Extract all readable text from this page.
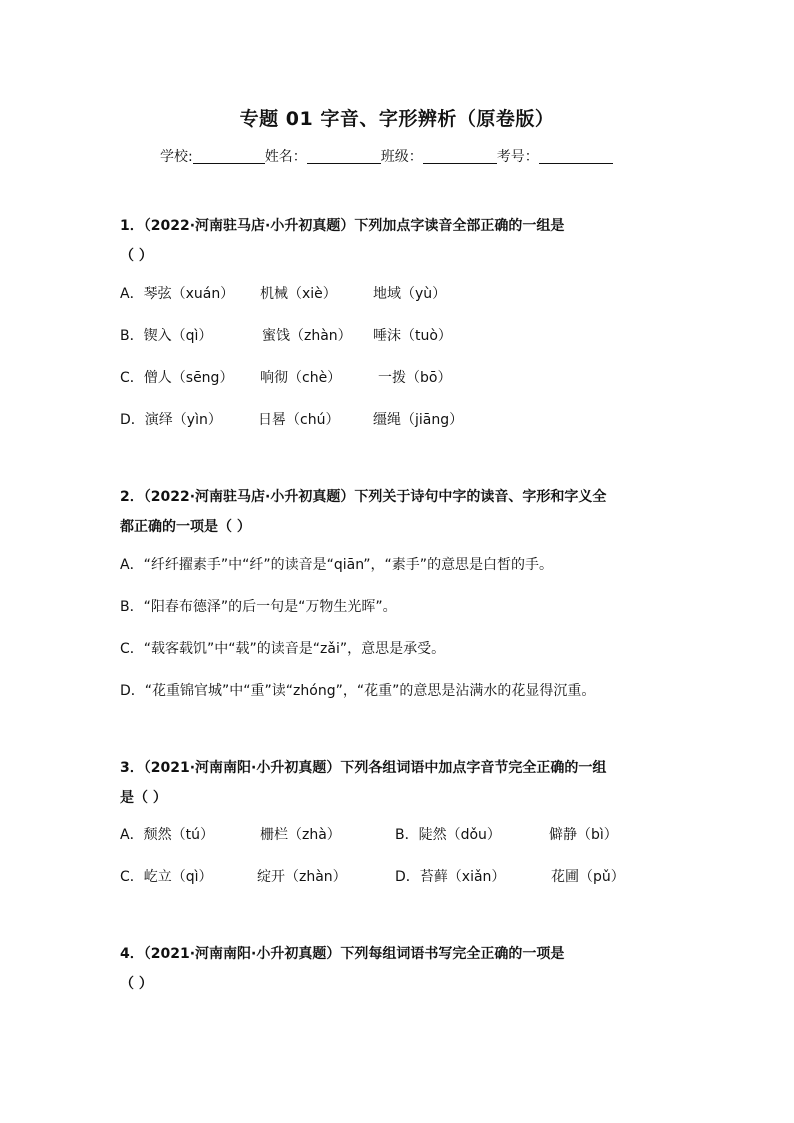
专题 01 字音、字形辨析（原卷版）
学校:	姓名：	班级：	考号：
1．（2022·河南驻马店·小升初真题）下列加点字读音全部正确的一组是
（ ）
A．琴弦（xuán） 机械（xiè）	地域（yù）
B．锲入（qì）	蜜饯（zhàn） 唾沫（tuò）
C．僧人（sēng） 响彻（chè）	一拨（bō）
D．演绎（yìn）	日晷（chú） 缰绳（jiāng）
2．（2022·河南驻马店·小升初真题）下列关于诗句中字的读音、字形和字义全
都正确的一项是（ ）
A．“纤纤擢素手”中“纤”的读音是“qiān”，“素手”的意思是白皙的手。
B．“阳春布德泽”的后一句是“万物生光晖”。
C．“载客载饥”中“载”的读音是“zǎi”，意思是承受。
D．“花重锦官城”中“重”读“zhóng”，“花重”的意思是沾满水的花显得沉重。
3．（2021·河南南阳·小升初真题）下列各组词语中加点字音节完全正确的一组
是（ ）
A．颓然（tú）	栅栏（zhà）	B．陡然（dǒu）	僻静（bì）
C．屹立（qì）	绽开（zhàn）	D．苔藓（xiǎn）	花圃（pǔ）
4．（2021·河南南阳·小升初真题）下列每组词语书写完全正确的一项是
（ ）
